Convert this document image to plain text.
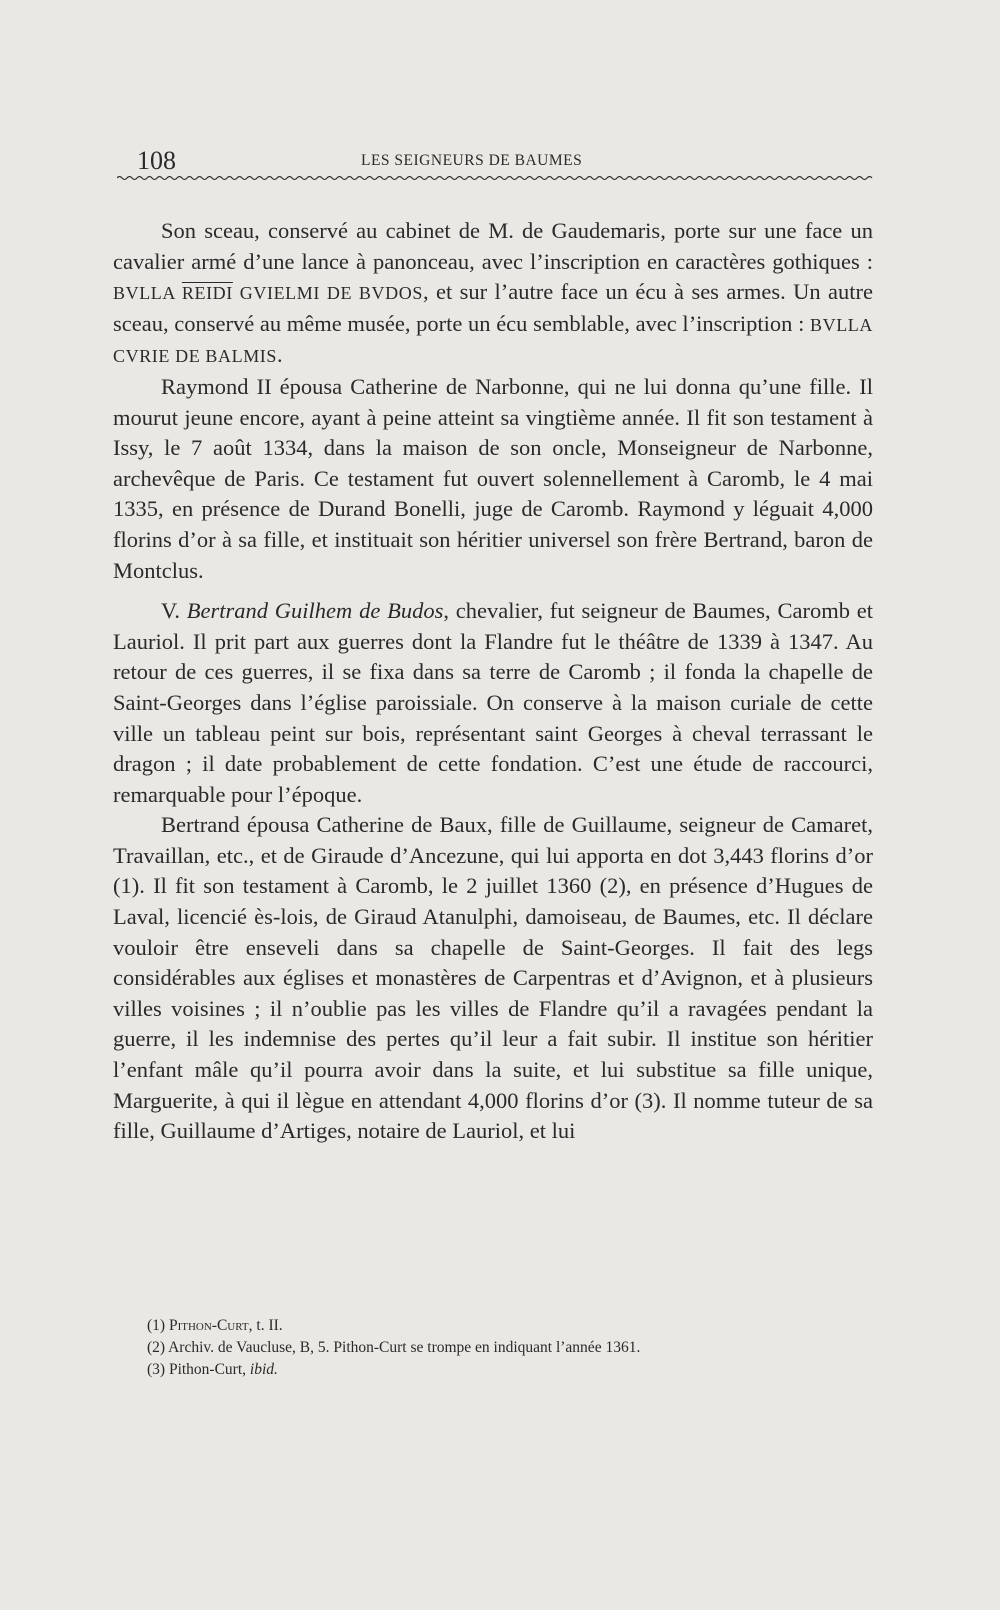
108	LES SEIGNEURS DE BAUMES

Son sceau, conservé au cabinet de M. de Gaudemaris, porte sur une face un cavalier armé d’une lance à panonceau, avec l’inscription en caractères gothiques : BVLLA REIDI GVIELMI DE BVDOS, et sur l’autre face un écu à ses armes. Un autre sceau, conservé au même musée, porte un écu semblable, avec l’inscription : BVLLA CVRIE DE BALMIS.

Raymond II épousa Catherine de Narbonne, qui ne lui donna qu’une fille. Il mourut jeune encore, ayant à peine atteint sa vingtième année. Il fit son testament à Issy, le 7 août 1334, dans la maison de son oncle, Monseigneur de Narbonne, archevêque de Paris. Ce testament fut ouvert solennellement à Caromb, le 4 mai 1335, en présence de Durand Bonelli, juge de Caromb. Raymond y léguait 4,000 florins d’or à sa fille, et instituait son héritier universel son frère Bertrand, baron de Montclus.

V. Bertrand Guilhem de Budos, chevalier, fut seigneur de Baumes, Caromb et Lauriol. Il prit part aux guerres dont la Flandre fut le théâtre de 1339 à 1347. Au retour de ces guerres, il se fixa dans sa terre de Caromb ; il fonda la chapelle de Saint-Georges dans l’église paroissiale. On conserve à la maison curiale de cette ville un tableau peint sur bois, représentant saint Georges à cheval terrassant le dragon ; il date probablement de cette fondation. C’est une étude de raccourci, remarquable pour l’époque.

Bertrand épousa Catherine de Baux, fille de Guillaume, seigneur de Camaret, Travaillan, etc., et de Giraude d’Ancezune, qui lui apporta en dot 3,443 florins d’or (1). Il fit son testament à Caromb, le 2 juillet 1360 (2), en présence d’Hugues de Laval, licencié ès-lois, de Giraud Atanulphi, damoiseau, de Baumes, etc. Il déclare vouloir être enseveli dans sa chapelle de Saint-Georges. Il fait des legs considérables aux églises et monastères de Carpentras et d’Avignon, et à plusieurs villes voisines ; il n’oublie pas les villes de Flandre qu’il a ravagées pendant la guerre, il les indemnise des pertes qu’il leur a fait subir. Il institue son héritier l’enfant mâle qu’il pourra avoir dans la suite, et lui substitue sa fille unique, Marguerite, à qui il lègue en attendant 4,000 florins d’or (3). Il nomme tuteur de sa fille, Guillaume d’Artiges, notaire de Lauriol, et lui

(1) Pithon-Curt, t. II.

(2) Archiv. de Vaucluse, B, 5. Pithon-Curt se trompe en indiquant l’année 1361.

(3) Pithon-Curt, ibid.
